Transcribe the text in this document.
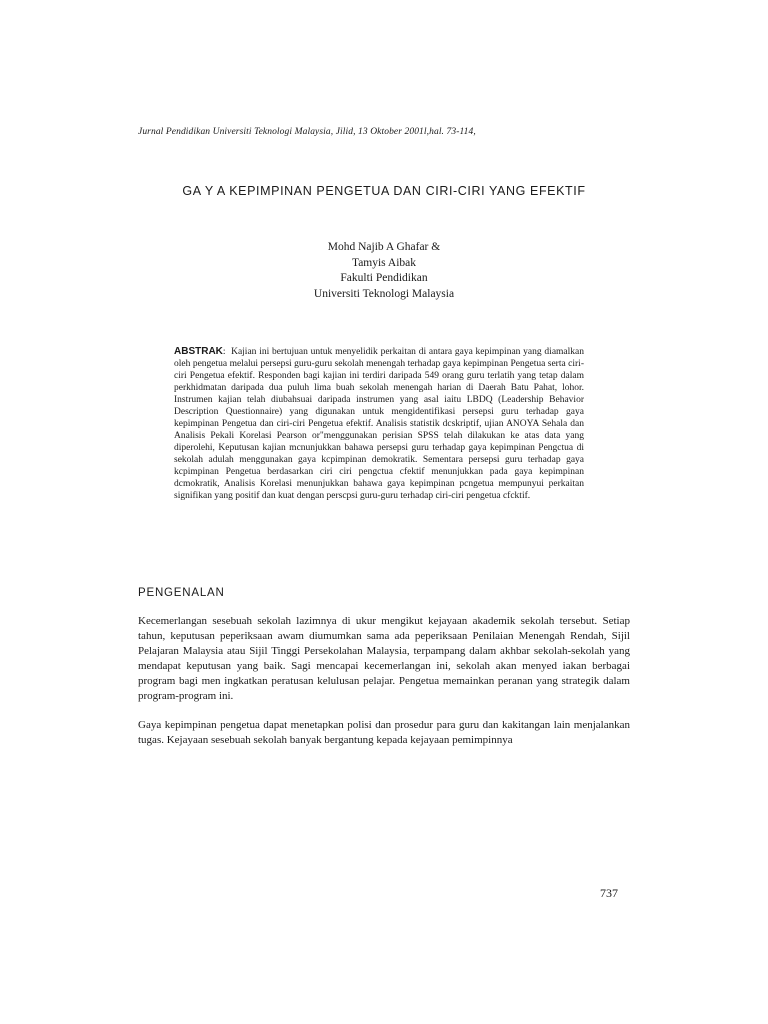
Jurnal Pendidikan Universiti Teknologi Malaysia, Jilid, 13 Oktober 2001l,hal. 73-114,
GA Y A KEPIMPINAN PENGETUA DAN CIRI-CIRI YANG EFEKTIF
Mohd Najib A Ghafar &
Tamyis Aibak
Fakulti Pendidikan
Universiti Teknologi Malaysia
ABSTRAK:  Kajian ini bertujuan untuk menyelidik perkaitan di antara gaya kepimpinan yang diamalkan oleh pengetua melalui persepsi guru-guru sekolah menengah terhadap gaya kepimpinan Pengetua serta ciri-ciri Pengetua efektif. Responden bagi kajian ini terdiri daripada 549 orang guru terlatih yang tetap dalam perkhidmatan daripada dua puluh lima buah sekolah menengah harian di Daerah Batu Pahat, lohor. Instrumen kajian telah diubahsuai daripada instrumen yang asal iaitu LBDQ (Leadership Behavior Description Questionnaire) yang digunakan untuk mengidentifikasi persepsi guru terhadap gaya kepimpinan Pengetua dan ciri-ciri Pengetua efektif. Analisis statistik dcskriptif, ujian ANOYA Sehala dan Analisis Pekali Korelasi Pearson or"menggunakan perisian SPSS telah dilakukan ke atas data yang diperolehi, Keputusan kajian mcnunjukkan bahawa persepsi guru terhadap gaya kepimpinan Pengctua di sekolah adulah menggunakan gaya kcpimpinan demokratik. Sementara persepsi guru terhadap gaya kcpimpinan Pengetua berdasarkan ciri ciri pengctua cfektif menunjukkan pada gaya kepimpinan dcmokratik, Analisis Korelasi menunjukkan bahawa gaya kepimpinan pcngetua mempunyui perkaitan signifikan yang positif dan kuat dengan perscpsi guru-guru terhadap ciri-ciri pengetua cfcktif.
PENGENALAN
Kecemerlangan sesebuah sekolah lazimnya di ukur mengikut kejayaan akademik sekolah tersebut. Setiap tahun, keputusan peperiksaan awam diumumkan sama ada peperiksaan Penilaian Menengah Rendah, Sijil Pelajaran Malaysia atau Sijil Tinggi Persekolahan Malaysia, terpampang dalam akhbar sekolah-sekolah yang mendapat keputusan yang baik. Sagi mencapai kecemerlangan ini, sekolah akan menyed iakan berbagai program bagi men ingkatkan peratusan kelulusan pelajar. Pengetua memainkan peranan yang strategik dalam program-program ini.
Gaya kepimpinan pengetua dapat menetapkan polisi dan prosedur para guru dan kakitangan lain menjalankan tugas. Kejayaan sesebuah sekolah banyak bergantung kepada kejayaan pemimpinnya
737
